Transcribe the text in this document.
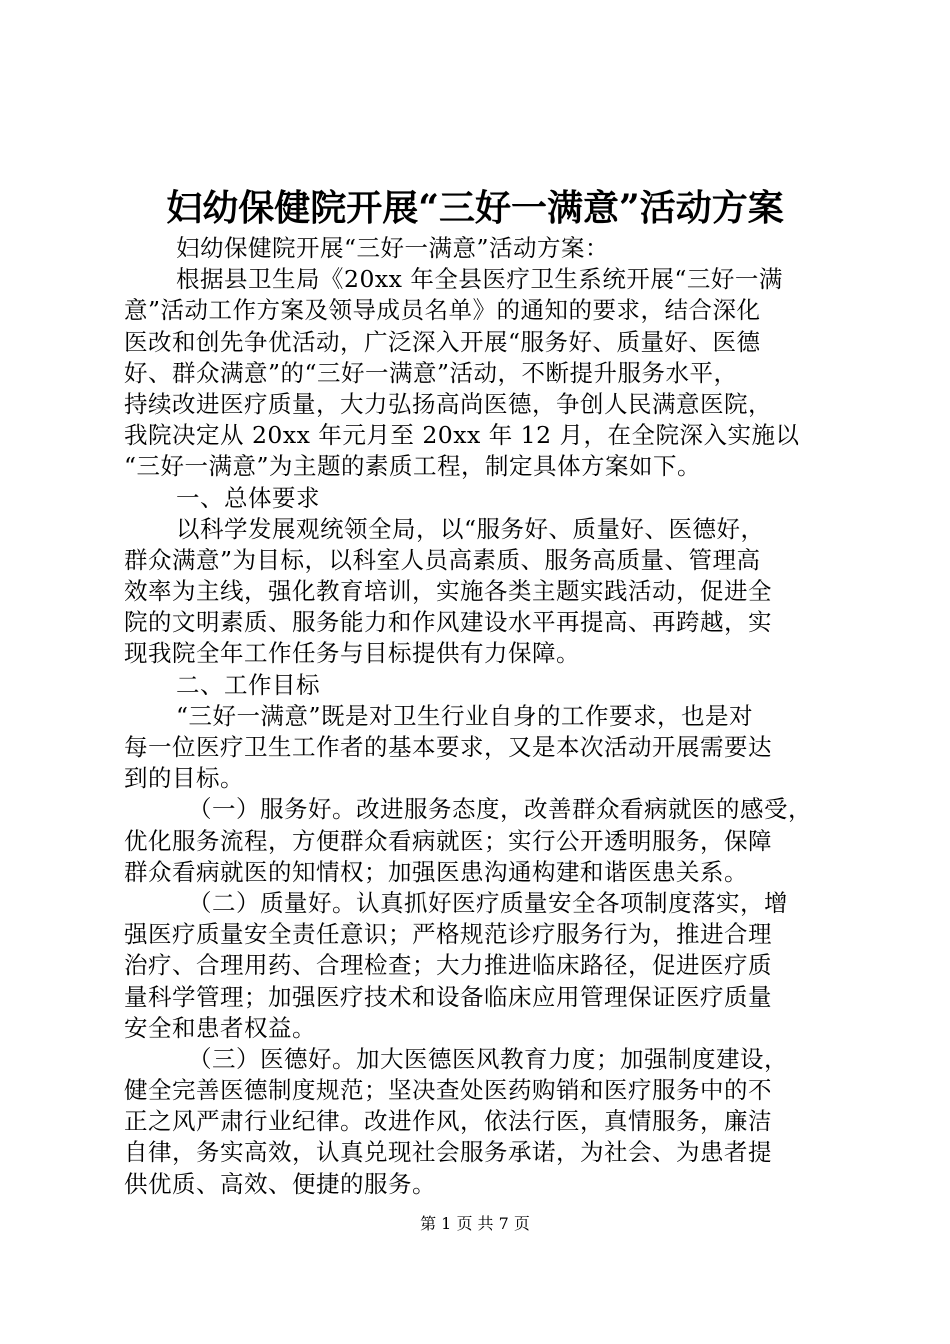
妇幼保健院开展“三好一满意”活动方案
妇幼保健院开展“三好一满意”活动方案：
根据县卫生局《20xx 年全县医疗卫生系统开展“三好一满
意”活动工作方案及领导成员名单》的通知的要求，结合深化
医改和创先争优活动，广泛深入开展“服务好、质量好、医德
好、群众满意”的“三好一满意”活动，不断提升服务水平，
持续改进医疗质量，大力弘扬高尚医德，争创人民满意医院，
我院决定从 20xx 年元月至 20xx 年 12 月，在全院深入实施以
“三好一满意”为主题的素质工程，制定具体方案如下。
一、总体要求
以科学发展观统领全局，以“服务好、质量好、医德好，
群众满意”为目标，以科室人员高素质、服务高质量、管理高
效率为主线，强化教育培训，实施各类主题实践活动，促进全
院的文明素质、服务能力和作风建设水平再提高、再跨越，实
现我院全年工作任务与目标提供有力保障。
二、工作目标
“三好一满意”既是对卫生行业自身的工作要求，也是对
每一位医疗卫生工作者的基本要求，又是本次活动开展需要达
到的目标。
（一）服务好。改进服务态度，改善群众看病就医的感受，
优化服务流程，方便群众看病就医；实行公开透明服务，保障
群众看病就医的知情权；加强医患沟通构建和谐医患关系。
（二）质量好。认真抓好医疗质量安全各项制度落实，增
强医疗质量安全责任意识；严格规范诊疗服务行为，推进合理
治疗、合理用药、合理检查；大力推进临床路径，促进医疗质
量科学管理；加强医疗技术和设备临床应用管理保证医疗质量
安全和患者权益。
（三）医德好。加大医德医风教育力度；加强制度建设，
健全完善医德制度规范；坚决查处医药购销和医疗服务中的不
正之风严肃行业纪律。改进作风，依法行医，真情服务，廉洁
自律，务实高效，认真兑现社会服务承诺，为社会、为患者提
供优质、高效、便捷的服务。
第 1 页 共 7 页
